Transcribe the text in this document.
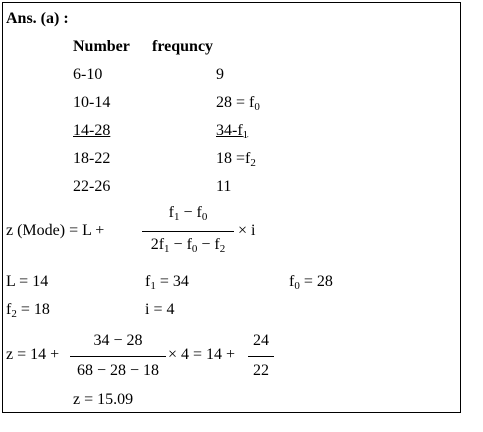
Ans. (a) :
Number frequncy
6-10	9
10-14	$28 = f_0$
14-28	$34-f_1$
18-22	$18 =f_2$
22-26	11
z (Mode) = L +
$f_1 - f_0$
$2f_1 - f_0 - f_2$
× i
L = 14	$f_1 = 34$	$f_0 = 28$
$f_2 = 18$	i = 4
z = 14 +
34 − 28
68 − 28 − 18
× 4 = 14 +
24
22
z = 15.09
